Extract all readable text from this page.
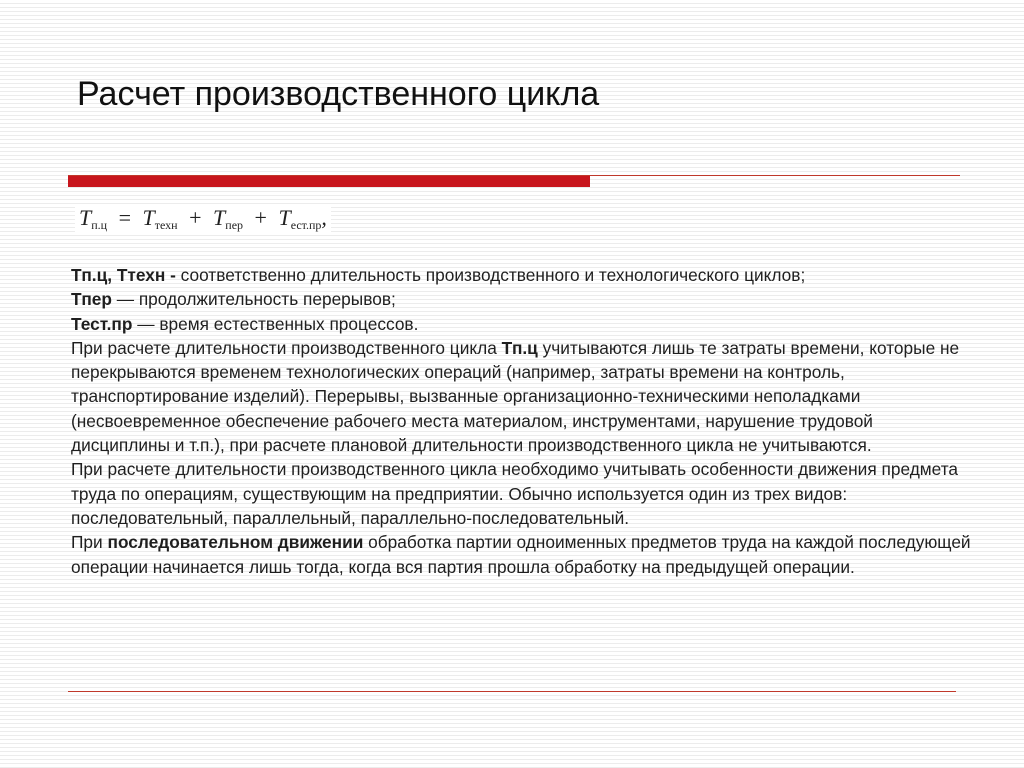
Расчет производственного цикла
$T_{п.ц} = T_{техн} + T_{пер} + T_{ест.пр}$,

Тп.ц, Ттехн - соответственно длительность производственного и технологического циклов;

Тпер — продолжительность перерывов;

Тест.пр — время естественных процессов.

При расчете длительности производственного цикла Тп.ц учитываются лишь те затраты времени, которые не перекрываются временем технологических операций (например, затраты времени на контроль, транспортирование изделий). Перерывы, вызванные организационно-техническими неполадками (несвоевременное обеспечение рабочего места материалом, инструментами, нарушение трудовой дисциплины и т.п.), при расчете плановой длительности производственного цикла не учитываются.

При расчете длительности производственного цикла необходимо учитывать особенности движения предмета труда по операциям, существующим на предприятии. Обычно используется один из трех видов: последовательный, параллельный, параллельно-последовательный.

При последовательном движении обработка партии одноименных предметов труда на каждой последующей операции начинается лишь тогда, когда вся партия прошла обработку на предыдущей операции.
